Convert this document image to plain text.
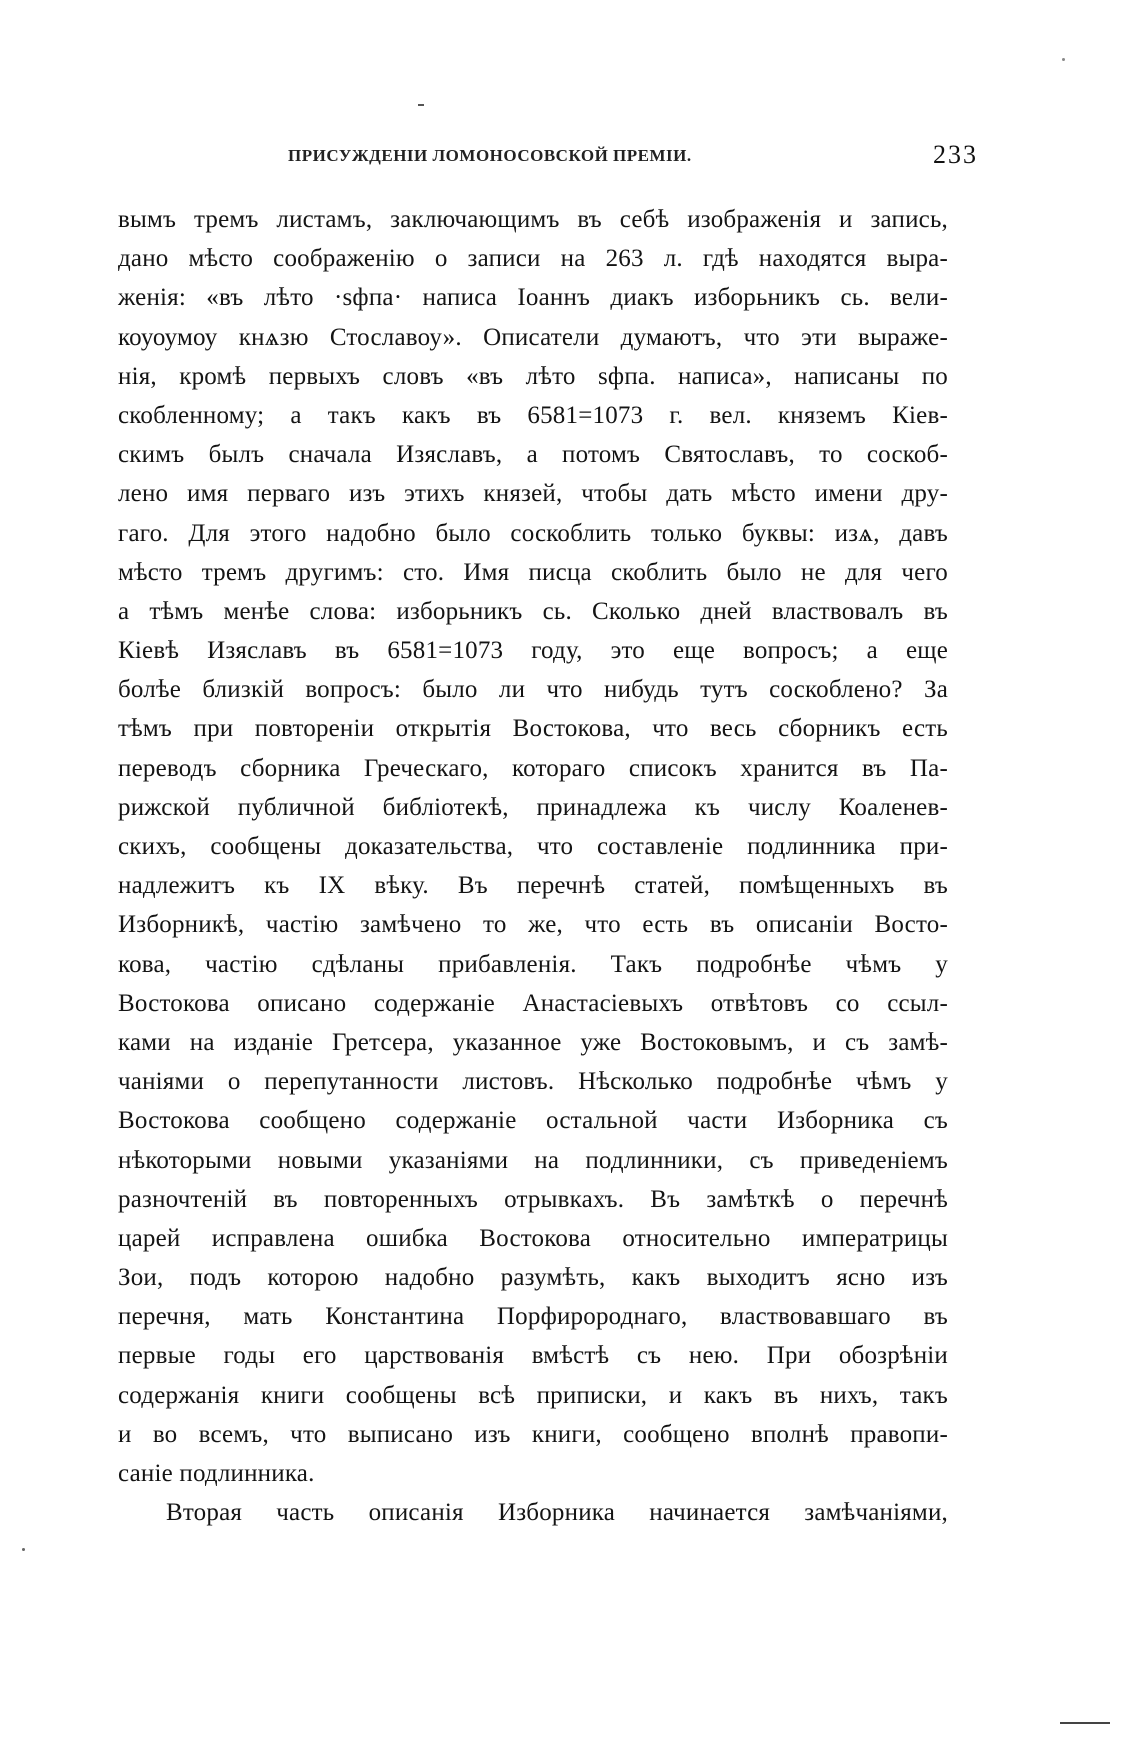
ПРИСУЖДЕНІИ ЛОМОНОСОВСКОЙ ПРЕМІИ.	233
вымъ тремъ листамъ, заключающимъ въ себѣ изображенія и запись,
дано мѣсто соображенію о записи на 263 л. гдѣ находятся выра-
женія: «въ лѣто ·ѕфпа· написа Іоаннъ диакъ изборьникъ сь. вели-
коуоумоу кнѧзю Стославоу». Описатели думаютъ, что эти выраже-
нія, кромѣ первыхъ словъ «въ лѣто ѕфпа. написа», написаны по
скобленному; а такъ какъ въ 6581=1073 г. вел. княземъ Кiев-
скимъ былъ сначала Изяславъ, а потомъ Святославъ, то соскоб-
лено имя перваго изъ этихъ князей, чтобы дать мѣсто имени дру-
гаго. Для этого надобно было соскоблить только буквы: изѧ, давъ
мѣсто тремъ другимъ: сто. Имя писца скоблить было не для чего
а тѣмъ менѣе слова: изборьникъ сь. Сколько дней властвовалъ въ
Кiевѣ Изяславъ въ 6581=1073 году, это еще вопросъ; а еще
болѣе близкій вопросъ: было ли что нибудь тутъ соскоблено? За
тѣмъ при повтореніи открытія Востокова, что весь сборникъ есть
переводъ сборника Греческаго, котораго списокъ хранится въ Па-
рижской публичной библіотекѣ, принадлежа къ числу Коаленев-
скихъ, сообщены доказательства, что составленіе подлинника при-
надлежитъ къ IX вѣку. Въ перечнѣ статей, помѣщенныхъ въ
Изборникѣ, частію замѣчено то же, что есть въ описаніи Восто-
кова, частію сдѣланы прибавленія. Такъ подробнѣе чѣмъ у
Востокова описано содержаніе Анастасіевыхъ отвѣтовъ со ссыл-
ками на изданіе Гретсера, указанное уже Востоковымъ, и съ замѣ-
чаніями о перепутанности листовъ. Нѣсколько подробнѣе чѣмъ у
Востокова сообщено содержаніе остальной части Изборника съ
нѣкоторыми новыми указаніями на подлинники, съ приведеніемъ
разночтеній въ повторенныхъ отрывкахъ. Въ замѣткѣ о перечнѣ
царей исправлена ошибка Востокова относительно императрицы
Зои, подъ которою надобно разумѣть, какъ выходитъ ясно изъ
перечня, мать Константина Порфиророднаго, властвовавшаго въ
первые годы его царствованія вмѣстѣ съ нею. При обозрѣніи
содержанія книги сообщены всѣ приписки, и какъ въ нихъ, такъ
и во всемъ, что выписано изъ книги, сообщено вполнѣ правопи-
саніе подлинника.
Вторая часть описанія Изборника начинается замѣчаніями,
